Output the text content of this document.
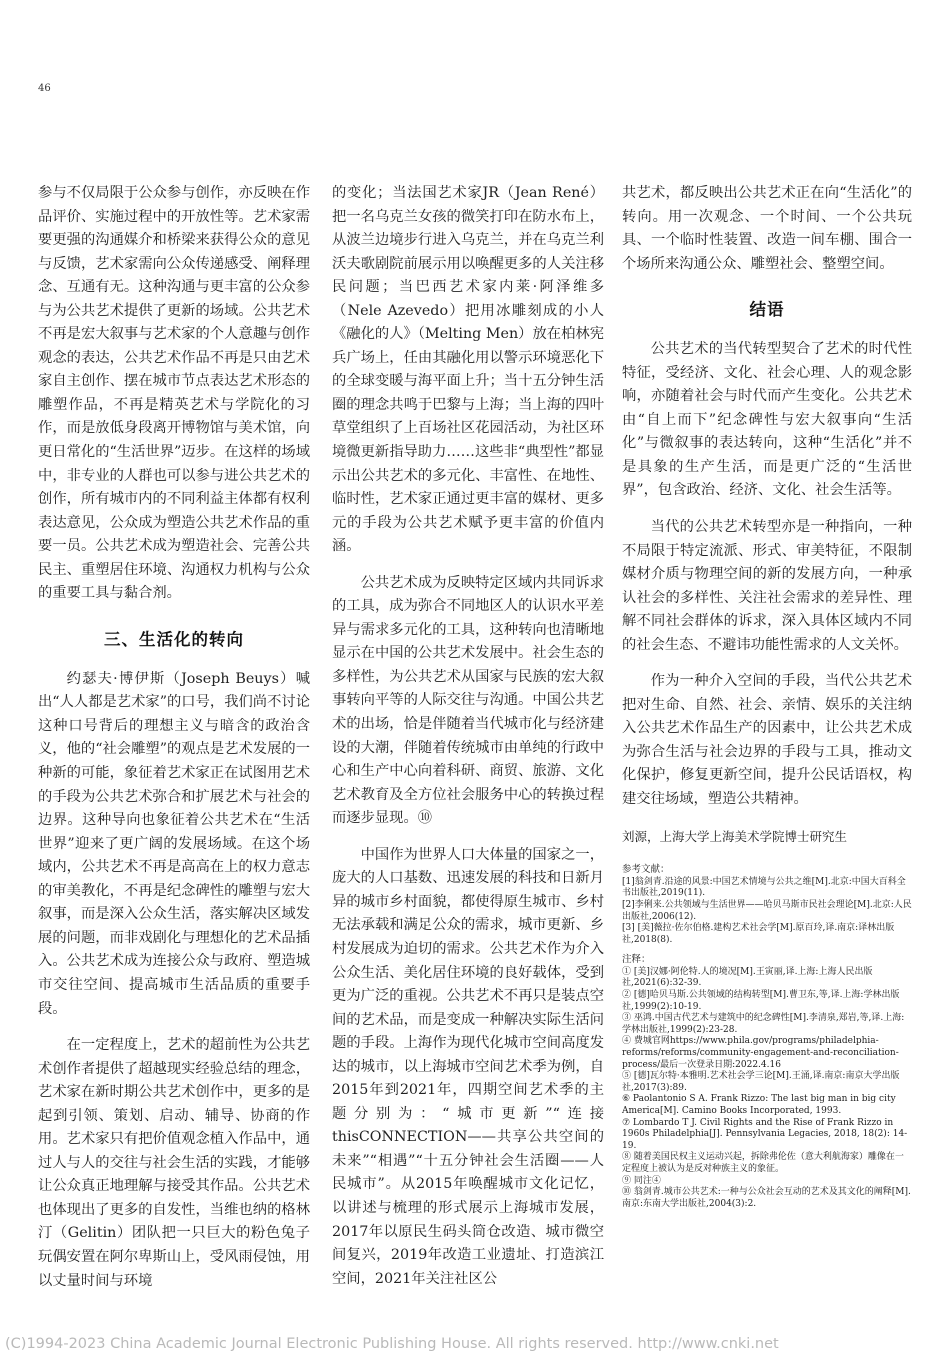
46

参与不仅局限于公众参与创作，亦反映在作品评价、实施过程中的开放性等。艺术家需要更强的沟通媒介和桥梁来获得公众的意见与反馈，艺术家需向公众传递感受、阐释理念、互通有无。这种沟通与更丰富的公众参与为公共艺术提供了更新的场域。公共艺术不再是宏大叙事与艺术家的个人意趣与创作观念的表达，公共艺术作品不再是只由艺术家自主创作、摆在城市节点表达艺术形态的雕塑作品，不再是精英艺术与学院化的习作，而是放低身段离开博物馆与美术馆，向更日常化的“生活世界”迈步。在这样的场域中，非专业的人群也可以参与进公共艺术的创作，所有城市内的不同利益主体都有权利表达意见，公众成为塑造公共艺术作品的重要一员。公共艺术成为塑造社会、完善公共民主、重塑居住环境、沟通权力机构与公众的重要工具与黏合剂。

三、生活化的转向

约瑟夫·博伊斯（Joseph Beuys）喊出“人人都是艺术家”的口号，我们尚不讨论这种口号背后的理想主义与暗含的政治含义，他的“社会雕塑”的观点是艺术发展的一种新的可能，象征着艺术家正在试图用艺术的手段为公共艺术弥合和扩展艺术与社会的边界。这种导向也象征着公共艺术在“生活世界”迎来了更广阔的发展场域。在这个场域内，公共艺术不再是高高在上的权力意志的审美教化，不再是纪念碑性的雕塑与宏大叙事，而是深入公众生活，落实解决区域发展的问题，而非戏剧化与理想化的艺术品插入。公共艺术成为连接公众与政府、塑造城市交往空间、提高城市生活品质的重要手段。

在一定程度上，艺术的超前性为公共艺术创作者提供了超越现实经验总结的理念，艺术家在新时期公共艺术创作中，更多的是起到引领、策划、启动、辅导、协商的作用。艺术家只有把价值观念植入作品中，通过人与人的交往与社会生活的实践，才能够让公众真正地理解与接受其作品。公共艺术也体现出了更多的自发性，当维也纳的格林汀（Gelitin）团队把一只巨大的粉色兔子玩偶安置在阿尔卑斯山上，受风雨侵蚀，用以丈量时间与环境

的变化；当法国艺术家JR（Jean René）把一名乌克兰女孩的微笑打印在防水布上，从波兰边境步行进入乌克兰，并在乌克兰利沃夫歌剧院前展示用以唤醒更多的人关注移民问题；当巴西艺术家内莱·阿泽维多（Nele Azevedo）把用冰雕刻成的小人《融化的人》（Melting Men）放在柏林宪兵广场上，任由其融化用以警示环境恶化下的全球变暖与海平面上升；当十五分钟生活圈的理念共鸣于巴黎与上海；当上海的四叶草堂组织了上百场社区花园活动，为社区环境微更新指导助力……这些非“典型性”都显示出公共艺术的多元化、丰富性、在地性、临时性，艺术家正通过更丰富的媒材、更多元的手段为公共艺术赋予更丰富的价值内涵。

公共艺术成为反映特定区域内共同诉求的工具，成为弥合不同地区人的认识水平差异与需求多元化的工具，这种转向也清晰地显示在中国的公共艺术发展中。社会生态的多样性，为公共艺术从国家与民族的宏大叙事转向平等的人际交往与沟通。中国公共艺术的出场，恰是伴随着当代城市化与经济建设的大潮，伴随着传统城市由单纯的行政中心和生产中心向着科研、商贸、旅游、文化艺术教育及全方位社会服务中心的转换过程而逐步显现。⑩

中国作为世界人口大体量的国家之一，庞大的人口基数、迅速发展的科技和日新月异的城市乡村面貌，都使得原生城市、乡村无法承载和满足公众的需求，城市更新、乡村发展成为迫切的需求。公共艺术作为介入公众生活、美化居住环境的良好载体，受到更为广泛的重视。公共艺术不再只是装点空间的艺术品，而是变成一种解决实际生活问题的手段。上海作为现代化城市空间高度发达的城市，以上海城市空间艺术季为例，自2015年到2021年，四期空间艺术季的主题分别为：“城市更新”“连接thisCONNECTION——共享公共空间的未来”“相遇”“十五分钟社会生活圈——人民城市”。从2015年唤醒城市文化记忆，以讲述与梳理的形式展示上海城市发展，2017年以原民生码头筒仓改造、城市微空间复兴，2019年改造工业遗址、打造滨江空间，2021年关注社区公

共艺术，都反映出公共艺术正在向“生活化”的转向。用一次观念、一个时间、一个公共玩具、一个临时性装置、改造一间车棚、围合一个场所来沟通公众、雕塑社会、整塑空间。

结语

公共艺术的当代转型契合了艺术的时代性特征，受经济、文化、社会心理、人的观念影响，亦随着社会与时代而产生变化。公共艺术由“自上而下”纪念碑性与宏大叙事向“生活化”与微叙事的表达转向，这种“生活化”并不是具象的生产生活，而是更广泛的“生活世界”，包含政治、经济、文化、社会生活等。

当代的公共艺术转型亦是一种指向，一种不局限于特定流派、形式、审美特征，不限制媒材介质与物理空间的新的发展方向，一种承认社会的多样性、关注社会需求的差异性、理解不同社会群体的诉求，深入具体区域内不同的社会生态、不避讳功能性需求的人文关怀。

作为一种介入空间的手段，当代公共艺术把对生命、自然、社会、亲情、娱乐的关注纳入公共艺术作品生产的因素中，让公共艺术成为弥合生活与社会边界的手段与工具，推动文化保护，修复更新空间，提升公民话语权，构建交往场域，塑造公共精神。

刘源，上海大学上海美术学院博士研究生

参考文献：

[1]翁剑青.沿途的风景:中国艺术情境与公共之维[M].北京:中国大百科全书出版社,2019(11).

[2]李俐来.公共领域与生活世界——哈贝马斯市民社会理论[M].北京:人民出版社,2006(12).

[3] [美]薇拉·佐尔伯格.建构艺术社会学[M].原百玲,译.南京:译林出版社,2018(8).

注释：

① [美]汉娜·阿伦特.人的境况[M].王寅丽,译.上海:上海人民出版社,2021(6):32-39.

② [德]哈贝马斯.公共领域的结构转型[M].曹卫东,等,译.上海:学林出版社,1999(2):10-19.

③ 巫鸿.中国古代艺术与建筑中的纪念碑性[M].李清泉,郑岩,等,译.上海:学林出版社,1999(2):23-28.

④ 费城官网https://www.phila.gov/programs/philadelphia-reforms/reforms/community-engagement-and-reconciliation-process/最后一次登录日期:2022.4.16

⑤ [德]瓦尔特·本雅明.艺术社会学三论[M].王涌,译.南京:南京大学出版社,2017(3):89.

⑥ Paolantonio S A. Frank Rizzo: The last big man in big city America[M]. Camino Books Incorporated, 1993.

⑦ Lombardo T J. Civil Rights and the Rise of Frank Rizzo in 1960s Philadelphia[J]. Pennsylvania Legacies, 2018, 18(2): 14-19.

⑧ 随着美国民权主义运动兴起，拆除弗伦佐（意大利航海家）雕像在一定程度上被认为是反对种族主义的象征。

⑨ 同注④

⑩ 翁剑青.城市公共艺术:一种与公众社会互动的艺术及其文化的阐释[M].南京:东南大学出版社,2004(3):2.

(C)1994-2023 China Academic Journal Electronic Publishing House. All rights reserved. http://www.cnki.net
